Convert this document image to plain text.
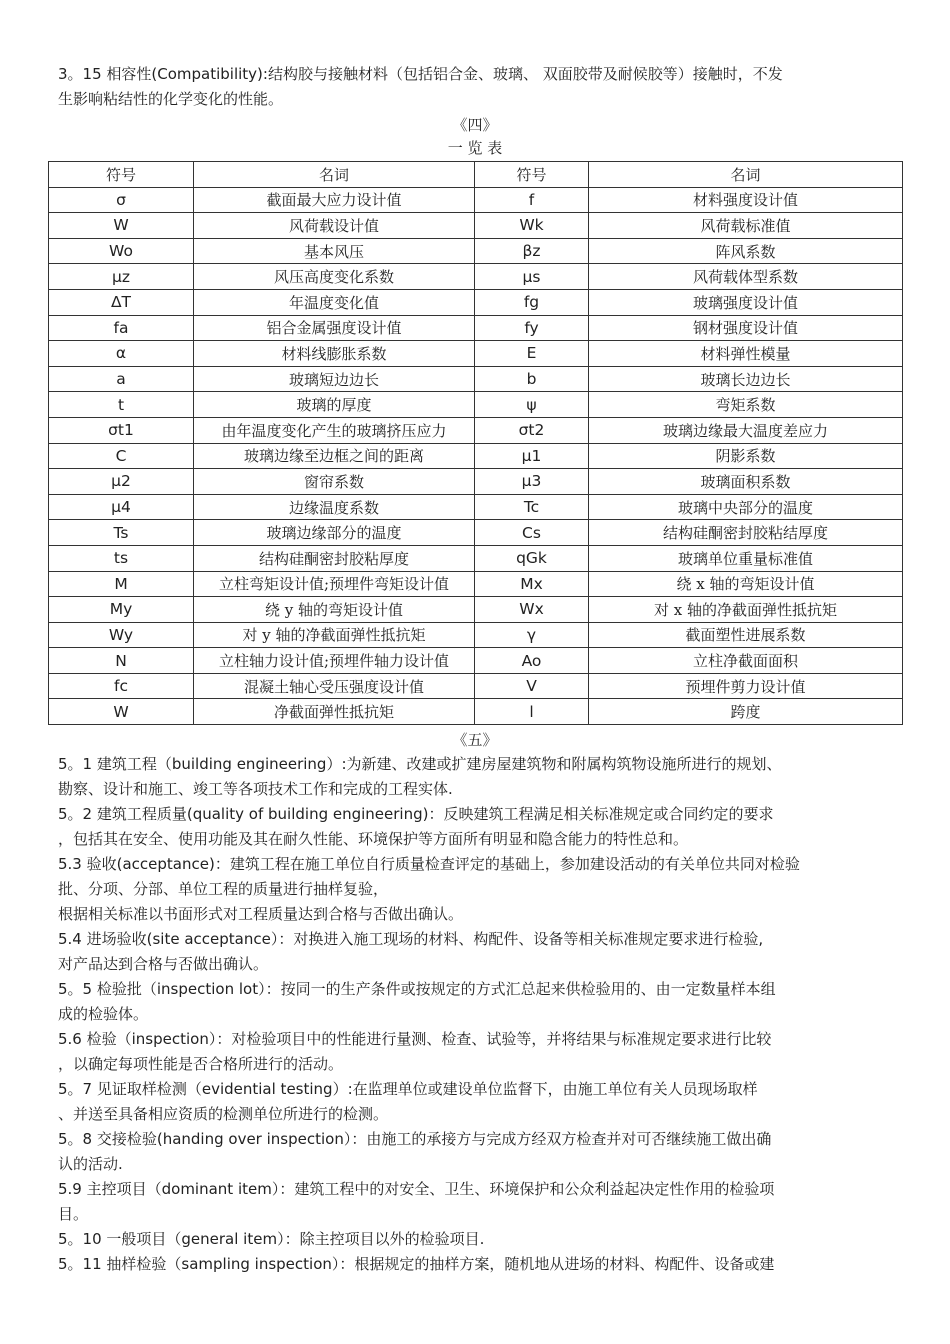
3。15 相容性(Compatibility):结构胶与接触材料（包括铝合金、玻璃、 双面胶带及耐候胶等）接触时，不发
生影响粘结性的化学变化的性能。
《四》
一 览 表
符号	名词	符号	名词
σ	截面最大应力设计值	f	材料强度设计值
W	风荷载设计值	Wk	风荷载标准值
Wo	基本风压	βz	阵风系数
μz	风压高度变化系数	μs	风荷载体型系数
ΔT	年温度变化值	fg	玻璃强度设计值
fa	铝合金属强度设计值	fy	钢材强度设计值
α	材料线膨胀系数	E	材料弹性模量
a	玻璃短边边长	b	玻璃长边边长
t	玻璃的厚度	ψ	弯矩系数
σt1	由年温度变化产生的玻璃挤压应力	σt2	玻璃边缘最大温度差应力
C	玻璃边缘至边框之间的距离	μ1	阴影系数
μ2	窗帘系数	μ3	玻璃面积系数
μ4	边缘温度系数	Tc	玻璃中央部分的温度
Ts	玻璃边缘部分的温度	Cs	结构硅酮密封胶粘结厚度
ts	结构硅酮密封胶粘厚度	qGk	玻璃单位重量标准值
M	立柱弯矩设计值;预埋件弯矩设计值	Mx	绕 x 轴的弯矩设计值
My	绕 y 轴的弯矩设计值	Wx	对 x 轴的净截面弹性抵抗矩
Wy	对 y 轴的净截面弹性抵抗矩	γ	截面塑性进展系数
N	立柱轴力设计值;预埋件轴力设计值	Ao	立柱净截面面积
fc	混凝土轴心受压强度设计值	V	预埋件剪力设计值
W	净截面弹性抵抗矩	l	跨度
《五》
5。1 建筑工程（building engineering）:为新建、改建或扩建房屋建筑物和附属构筑物设施所进行的规划、
勘察、设计和施工、竣工等各项技术工作和完成的工程实体.
5。2 建筑工程质量(quality of building engineering)：反映建筑工程满足相关标准规定或合同约定的要求
，包括其在安全、使用功能及其在耐久性能、环境保护等方面所有明显和隐含能力的特性总和。
5.3 验收(acceptance)：建筑工程在施工单位自行质量检查评定的基础上，参加建设活动的有关单位共同对检验
批、分项、分部、单位工程的质量进行抽样复验，
根据相关标准以书面形式对工程质量达到合格与否做出确认。
5.4 进场验收(site acceptance）：对换进入施工现场的材料、构配件、设备等相关标准规定要求进行检验,
对产品达到合格与否做出确认。
5。5 检验批（inspection lot）：按同一的生产条件或按规定的方式汇总起来供检验用的、由一定数量样本组
成的检验体。
5.6 检验（inspection）：对检验项目中的性能进行量测、检查、试验等，并将结果与标准规定要求进行比较
，以确定每项性能是否合格所进行的活动。
5。7 见证取样检测（evidential testing）:在监理单位或建设单位监督下，由施工单位有关人员现场取样
、并送至具备相应资质的检测单位所进行的检测。
5。8 交接检验(handing over inspection）：由施工的承接方与完成方经双方检查并对可否继续施工做出确
认的活动.
5.9 主控项目（dominant item）：建筑工程中的对安全、卫生、环境保护和公众利益起决定性作用的检验项
目。
5。10 一般项目（general item）：除主控项目以外的检验项目.
5。11 抽样检验（sampling inspection）：根据规定的抽样方案，随机地从进场的材料、构配件、设备或建
